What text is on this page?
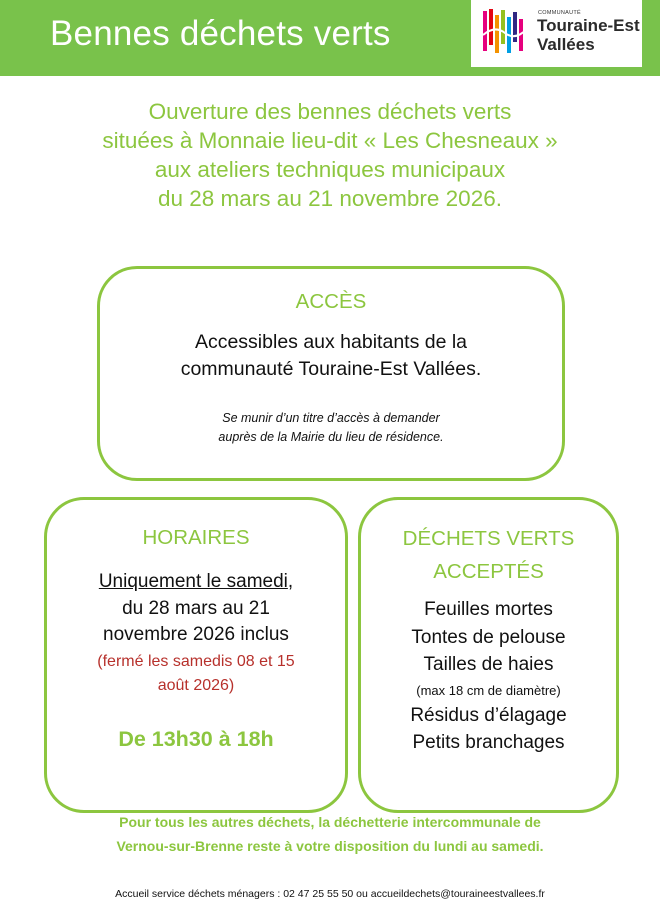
Bennes déchets verts
COMMUNAUTÉ
Touraine-Est
Vallées
Ouverture des bennes déchets verts
situées à Monnaie lieu-dit « Les Chesneaux »
aux ateliers techniques municipaux
du 28 mars au 21 novembre 2026.
ACCÈS
Accessibles aux habitants de la
communauté Touraine-Est Vallées.
Se munir d’un titre d’accès à demander
auprès de la Mairie du lieu de résidence.
HORAIRES
Uniquement le samedi,
du 28 mars au 21
novembre 2026 inclus
(fermé les samedis 08 et 15
août 2026)
De 13h30 à 18h
DÉCHETS VERTS
ACCEPTÉS
Feuilles mortes
Tontes de pelouse
Tailles de haies
(max 18 cm de diamètre)
Résidus d’élagage
Petits branchages
Pour tous les autres déchets, la déchetterie intercommunale de
Vernou-sur-Brenne reste à votre disposition du lundi au samedi.
Accueil service déchets ménagers : 02 47 25 55 50 ou accueildechets@touraineestvallees.fr
